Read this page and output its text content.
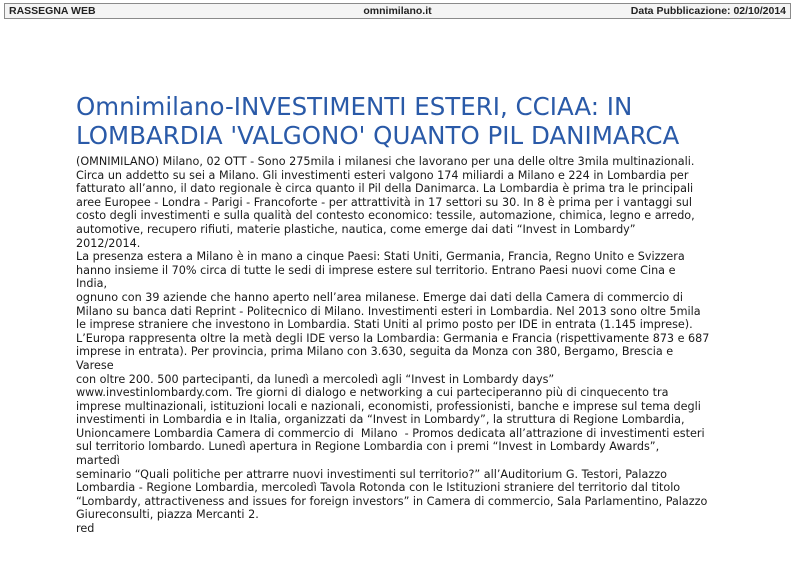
RASSEGNA WEB	omnimilano.it	Data Pubblicazione: 02/10/2014
Omnimilano-INVESTIMENTI ESTERI, CCIAA: IN
LOMBARDIA 'VALGONO' QUANTO PIL DANIMARCA
(OMNIMILANO) Milano, 02 OTT - Sono 275mila i milanesi che lavorano per una delle oltre 3mila multinazionali.
Circa un addetto su sei a Milano. Gli investimenti esteri valgono 174 miliardi a Milano e 224 in Lombardia per
fatturato all’anno, il dato regionale è circa quanto il Pil della Danimarca. La Lombardia è prima tra le principali
aree Europee - Londra - Parigi - Francoforte - per attrattività in 17 settori su 30. In 8 è prima per i vantaggi sul
costo degli investimenti e sulla qualità del contesto economico: tessile, automazione, chimica, legno e arredo,
automotive, recupero rifiuti, materie plastiche, nautica, come emerge dai dati “Invest in Lombardy”
2012/2014.
La presenza estera a Milano è in mano a cinque Paesi: Stati Uniti, Germania, Francia, Regno Unito e Svizzera
hanno insieme il 70% circa di tutte le sedi di imprese estere sul territorio. Entrano Paesi nuovi come Cina e
India,
ognuno con 39 aziende che hanno aperto nell’area milanese. Emerge dai dati della Camera di commercio di
Milano su banca dati Reprint - Politecnico di Milano. Investimenti esteri in Lombardia. Nel 2013 sono oltre 5mila
le imprese straniere che investono in Lombardia. Stati Uniti al primo posto per IDE in entrata (1.145 imprese).
L’Europa rappresenta oltre la metà degli IDE verso la Lombardia: Germania e Francia (rispettivamente 873 e 687
imprese in entrata). Per provincia, prima Milano con 3.630, seguita da Monza con 380, Bergamo, Brescia e
Varese
con oltre 200. 500 partecipanti, da lunedì a mercoledì agli “Invest in Lombardy days”
www.investinlombardy.com. Tre giorni di dialogo e networking a cui parteciperanno più di cinquecento tra
imprese multinazionali, istituzioni locali e nazionali, economisti, professionisti, banche e imprese sul tema degli
investimenti in Lombardia e in Italia, organizzati da “Invest in Lombardy”, la struttura di Regione Lombardia,
Unioncamere Lombardia Camera di commercio di  Milano  - Promos dedicata all’attrazione di investimenti esteri
sul territorio lombardo. Lunedì apertura in Regione Lombardia con i premi “Invest in Lombardy Awards”,
martedì
seminario “Quali politiche per attrarre nuovi investimenti sul territorio?” all’Auditorium G. Testori, Palazzo
Lombardia - Regione Lombardia, mercoledì Tavola Rotonda con le Istituzioni straniere del territorio dal titolo
“Lombardy, attractiveness and issues for foreign investors” in Camera di commercio, Sala Parlamentino, Palazzo
Giureconsulti, piazza Mercanti 2.
red
